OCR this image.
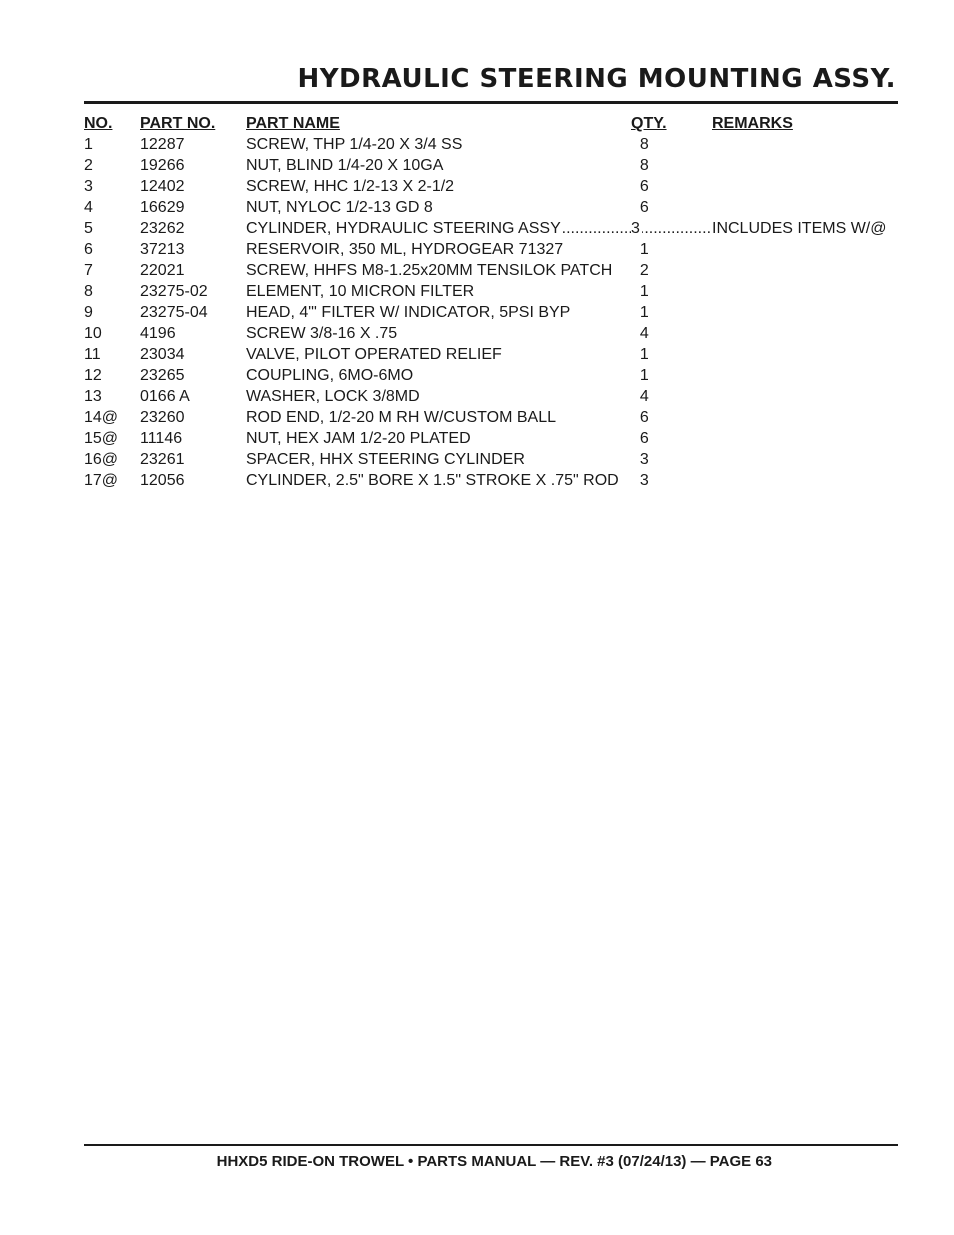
HYDRAULIC STEERING MOUNTING ASSY.
NO.	PART NO.	PART NAME	QTY.	REMARKS
1	12287	SCREW, THP 1/4-20 X 3/4 SS	8
2	19266	NUT, BLIND 1/4-20 X 10GA	8
3	12402	SCREW, HHC 1/2-13 X 2-1/2	6
4	16629	NUT, NYLOC 1/2-13 GD 8	6
5	23262	CYLINDER, HYDRAULIC STEERING ASSY .....	3 .....	INCLUDES ITEMS W/@
6	37213	RESERVOIR, 350 ML, HYDROGEAR 71327	1
7	22021	SCREW, HHFS M8-1.25x20MM TENSILOK PATCH	2
8	23275-02	ELEMENT, 10 MICRON FILTER	1
9	23275-04	HEAD, 4"' FILTER W/ INDICATOR, 5PSI BYP	1
10	4196	SCREW 3/8-16 X .75	4
11	23034	VALVE, PILOT OPERATED RELIEF	1
12	23265	COUPLING, 6MO-6MO	1
13	0166 A	WASHER, LOCK 3/8MD	4
14@	23260	ROD END, 1/2-20 M RH W/CUSTOM BALL	6
15@	11146	NUT, HEX JAM 1/2-20 PLATED	6
16@	23261	SPACER, HHX STEERING CYLINDER	3
17@	12056	CYLINDER, 2.5" BORE X 1.5" STROKE X .75" ROD	3
HHXD5 RIDE-ON TROWEL • PARTS MANUAL — REV. #3 (07/24/13) — PAGE 63
